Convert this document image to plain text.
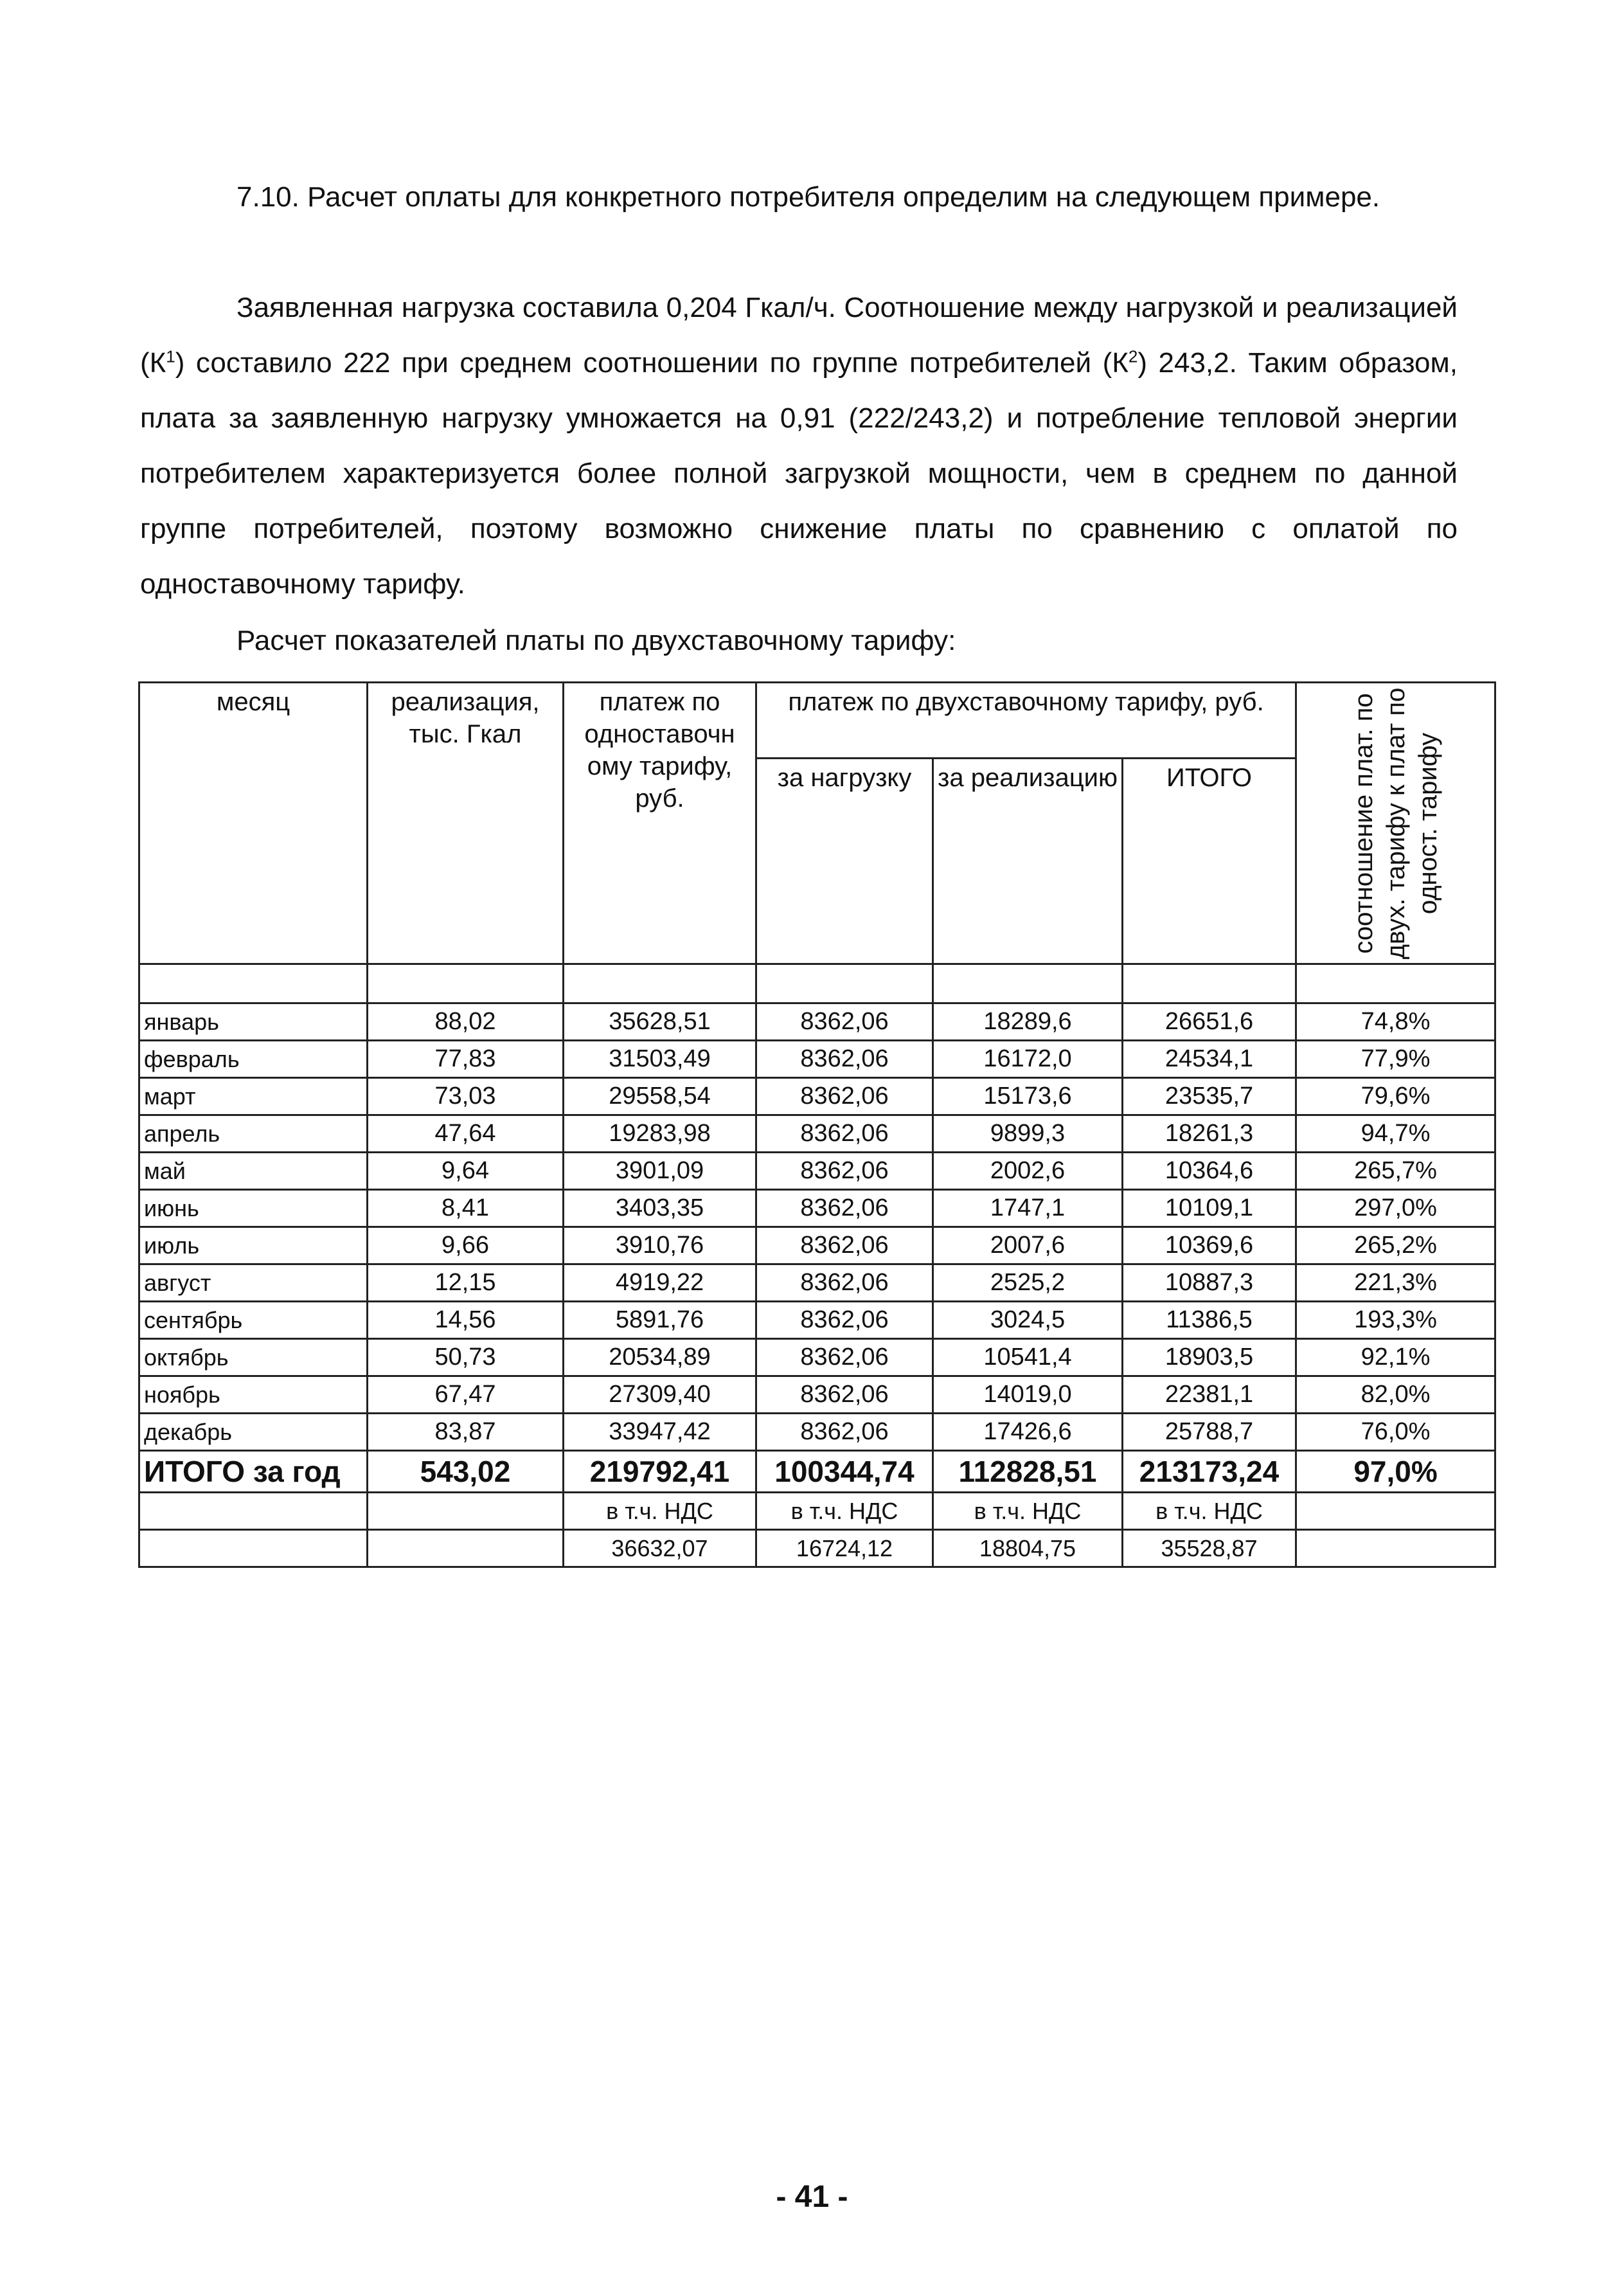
7.10. Расчет оплаты для конкретного потребителя определим на следующем примере.

Заявленная нагрузка составила 0,204 Гкал/ч. Соотношение между нагрузкой и реализацией $(К^1)$ составило 222 при среднем соотношении по группе потребителей $(К^2)$ 243,2. Таким образом, плата за заявленную нагрузку умножается на 0,91 (222/243,2) и потребление тепловой энергии потребителем характеризуется более полной загрузкой мощности, чем в среднем по данной группе потребителей, поэтому возможно снижение платы по сравнению с оплатой по одноставочному тарифу.

Расчет показателей платы по двухставочному тарифу:

месяц	реализация, тыс. Гкал	платеж по одноставочн ому тарифу, руб.	платеж по двухставочному тарифу, руб.			соотношение плат. по двух. тарифу к плат по одност. тарифу

			за нагрузку	за реализацию	ИТОГО	

январь	88,02	35628,51	8362,06	18289,6	26651,6	74,8%
февраль	77,83	31503,49	8362,06	16172,0	24534,1	77,9%
март	73,03	29558,54	8362,06	15173,6	23535,7	79,6%
апрель	47,64	19283,98	8362,06	9899,3	18261,3	94,7%
май	9,64	3901,09	8362,06	2002,6	10364,6	265,7%
июнь	8,41	3403,35	8362,06	1747,1	10109,1	297,0%
июль	9,66	3910,76	8362,06	2007,6	10369,6	265,2%
август	12,15	4919,22	8362,06	2525,2	10887,3	221,3%
сентябрь	14,56	5891,76	8362,06	3024,5	11386,5	193,3%
октябрь	50,73	20534,89	8362,06	10541,4	18903,5	92,1%
ноябрь	67,47	27309,40	8362,06	14019,0	22381,1	82,0%
декабрь	83,87	33947,42	8362,06	17426,6	25788,7	76,0%
ИТОГО за год	543,02	219792,41	100344,74	112828,51	213173,24	97,0%
		в т.ч. НДС	в т.ч. НДС	в т.ч. НДС	в т.ч. НДС	
		36632,07	16724,12	18804,75	35528,87	
- 41 -
